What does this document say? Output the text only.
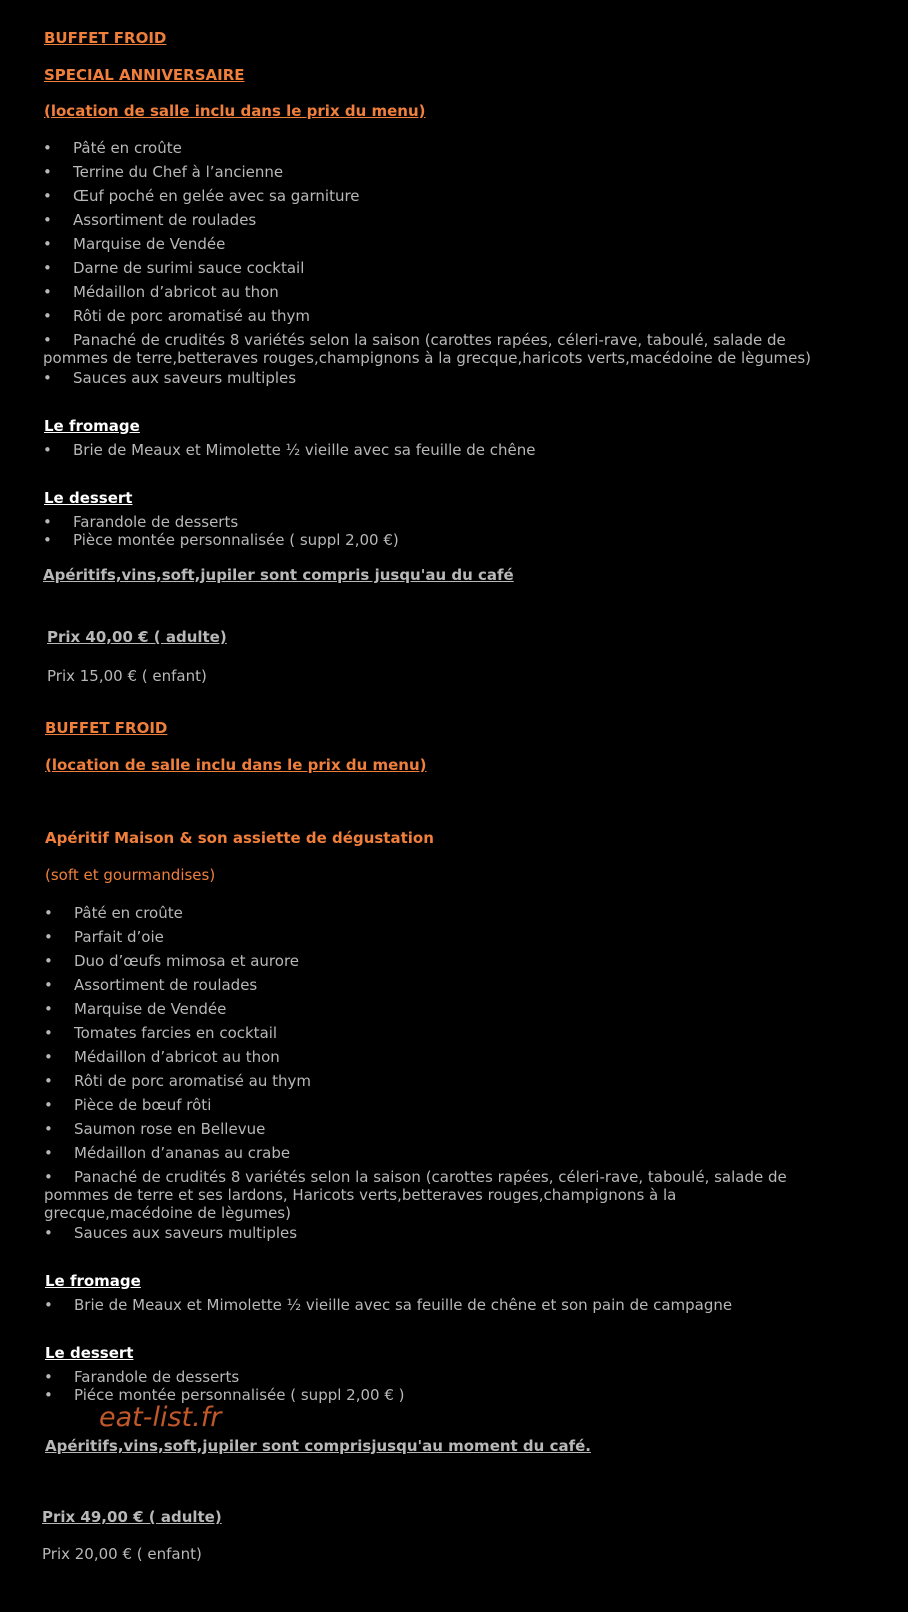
BUFFET FROID
SPECIAL ANNIVERSAIRE
(location de salle inclu dans le prix du menu)
• Pâté en croûte
• Terrine du Chef à l’ancienne
• Œuf poché en gelée avec sa garniture
• Assortiment de roulades
• Marquise de Vendée
• Darne de surimi sauce cocktail
• Médaillon d’abricot au thon
• Rôti de porc aromatisé au thym
• Panaché de crudités 8 variétés selon la saison (carottes rapées, céleri-rave, taboulé, salade de
pommes de terre,betteraves rouges,champignons à la grecque,haricots verts,macédoine de lègumes)
• Sauces aux saveurs multiples
Le fromage
• Brie de Meaux et Mimolette ½ vieille avec sa feuille de chêne
Le dessert
• Farandole de desserts
• Pièce montée personnalisée ( suppl 2,00 €)
Apéritifs,vins,soft,jupiler sont compris jusqu'au du café
Prix 40,00 € ( adulte)
Prix 15,00 € ( enfant)
BUFFET FROID
(location de salle inclu dans le prix du menu)
Apéritif Maison & son assiette de dégustation
(soft et gourmandises)
• Pâté en croûte
• Parfait d’oie
• Duo d’œufs mimosa et aurore
• Assortiment de roulades
• Marquise de Vendée
• Tomates farcies en cocktail
• Médaillon d’abricot au thon
• Rôti de porc aromatisé au thym
• Pièce de bœuf rôti
• Saumon rose en Bellevue
• Médaillon d’ananas au crabe
• Panaché de crudités 8 variétés selon la saison (carottes rapées, céleri-rave, taboulé, salade de
pommes de terre et ses lardons, Haricots verts,betteraves rouges,champignons à la
grecque,macédoine de lègumes)
• Sauces aux saveurs multiples
Le fromage
• Brie de Meaux et Mimolette ½ vieille avec sa feuille de chêne et son pain de campagne
Le dessert
• Farandole de desserts
• Piéce montée personnalisée ( suppl 2,00 € )
eat-list.fr
Apéritifs,vins,soft,jupiler sont comprisjusqu'au moment du café.
Prix 49,00 € ( adulte)
Prix 20,00 € ( enfant)
